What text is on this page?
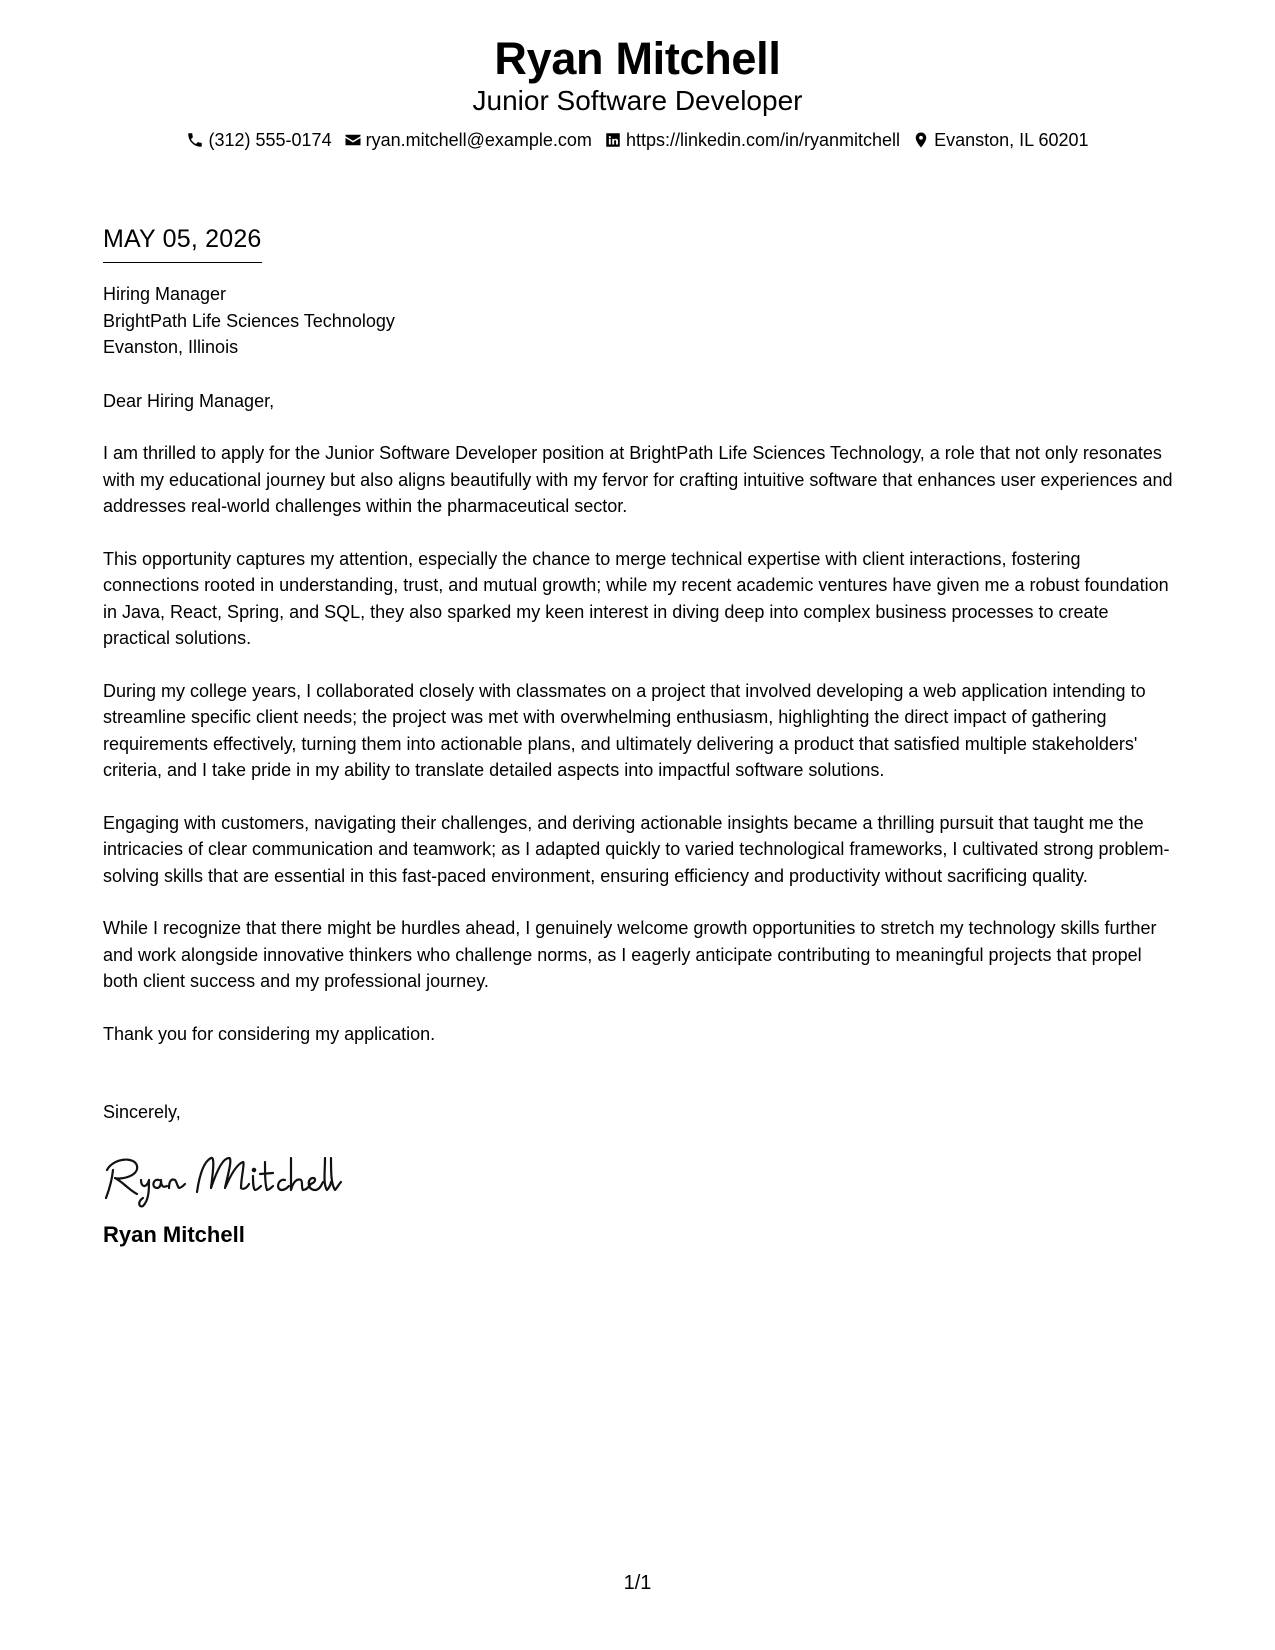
Ryan Mitchell
Junior Software Developer
(312) 555-0174 ryan.mitchell@example.com https://linkedin.com/in/ryanmitchell Evanston, IL 60201
MAY 05, 2026
Hiring Manager
BrightPath Life Sciences Technology
Evanston, Illinois
Dear Hiring Manager,
I am thrilled to apply for the Junior Software Developer position at BrightPath Life Sciences Technology, a role that not only resonates with my educational journey but also aligns beautifully with my fervor for crafting intuitive software that enhances user experiences and addresses real-world challenges within the pharmaceutical sector.
This opportunity captures my attention, especially the chance to merge technical expertise with client interactions, fostering connections rooted in understanding, trust, and mutual growth; while my recent academic ventures have given me a robust foundation in Java, React, Spring, and SQL, they also sparked my keen interest in diving deep into complex business processes to create practical solutions.
During my college years, I collaborated closely with classmates on a project that involved developing a web application intending to streamline specific client needs; the project was met with overwhelming enthusiasm, highlighting the direct impact of gathering requirements effectively, turning them into actionable plans, and ultimately delivering a product that satisfied multiple stakeholders' criteria, and I take pride in my ability to translate detailed aspects into impactful software solutions.
Engaging with customers, navigating their challenges, and deriving actionable insights became a thrilling pursuit that taught me the intricacies of clear communication and teamwork; as I adapted quickly to varied technological frameworks, I cultivated strong problem-solving skills that are essential in this fast-paced environment, ensuring efficiency and productivity without sacrificing quality.
While I recognize that there might be hurdles ahead, I genuinely welcome growth opportunities to stretch my technology skills further and work alongside innovative thinkers who challenge norms, as I eagerly anticipate contributing to meaningful projects that propel both client success and my professional journey.
Thank you for considering my application.
Sincerely,
Ryan Mitchell
1/1
